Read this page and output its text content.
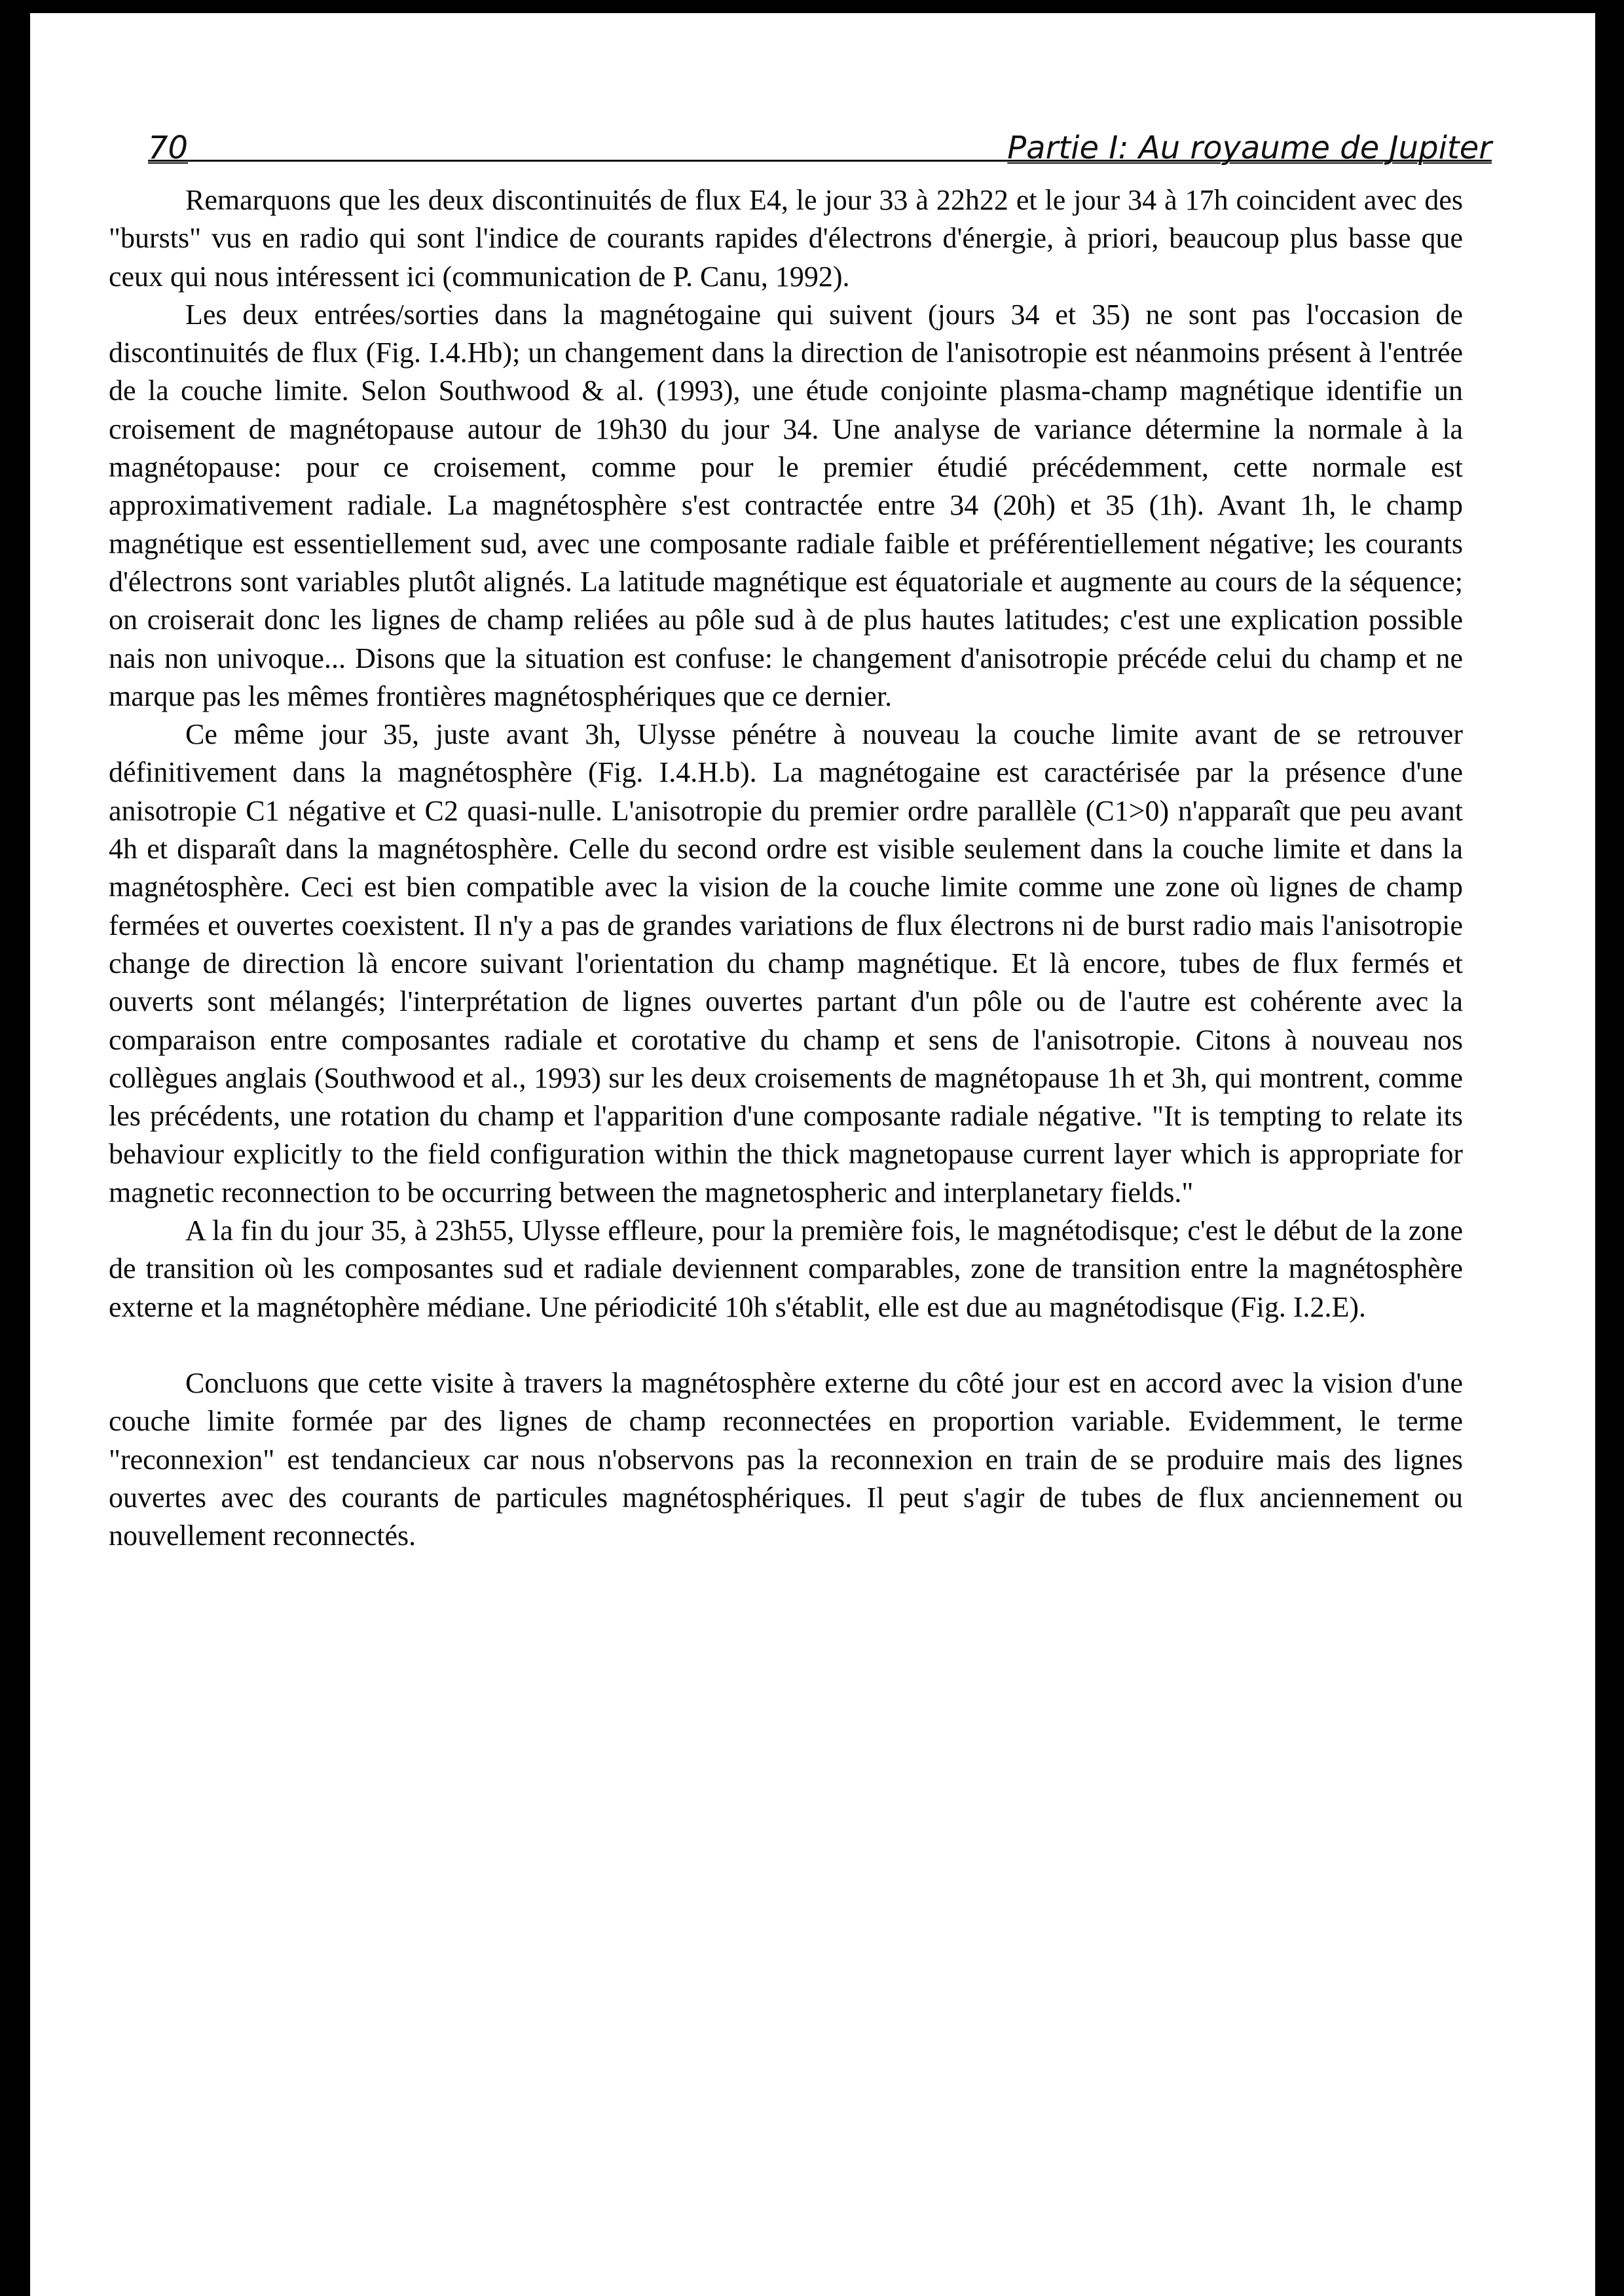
70	Partie I: Au royaume de Jupiter

Remarquons que les deux discontinuités de flux E4, le jour 33 à 22h22 et le jour 34 à 17h coincident avec des "bursts" vus en radio qui sont l'indice de courants rapides d'électrons d'énergie, à priori, beaucoup plus basse que ceux qui nous intéressent ici (communication de P. Canu, 1992).

Les deux entrées/sorties dans la magnétogaine qui suivent (jours 34 et 35) ne sont pas l'occasion de discontinuités de flux (Fig. I.4.Hb); un changement dans la direction de l'anisotropie est néanmoins présent à l'entrée de la couche limite. Selon Southwood & al. (1993), une étude conjointe plasma-champ magnétique identifie un croisement de magnétopause autour de 19h30 du jour 34. Une analyse de variance détermine la normale à la magnétopause: pour ce croisement, comme pour le premier étudié précédemment, cette normale est approximativement radiale. La magnétosphère s'est contractée entre 34 (20h) et 35 (1h). Avant 1h, le champ magnétique est essentiellement sud, avec une composante radiale faible et préférentiellement négative; les courants d'électrons sont variables plutôt alignés. La latitude magnétique est équatoriale et augmente au cours de la séquence; on croiserait donc les lignes de champ reliées au pôle sud à de plus hautes latitudes; c'est une explication possible nais non univoque... Disons que la situation est confuse: le changement d'anisotropie précéde celui du champ et ne marque pas les mêmes frontières magnétosphériques que ce dernier.

Ce même jour 35, juste avant 3h, Ulysse pénétre à nouveau la couche limite avant de se retrouver définitivement dans la magnétosphère (Fig. I.4.H.b). La magnétogaine est caractérisée par la présence d'une anisotropie C1 négative et C2 quasi-nulle. L'anisotropie du premier ordre parallèle (C1>0) n'apparaît que peu avant 4h et disparaît dans la magnétosphère. Celle du second ordre est visible seulement dans la couche limite et dans la magnétosphère. Ceci est bien compatible avec la vision de la couche limite comme une zone où lignes de champ fermées et ouvertes coexistent. Il n'y a pas de grandes variations de flux électrons ni de burst radio mais l'anisotropie change de direction là encore suivant l'orientation du champ magnétique. Et là encore, tubes de flux fermés et ouverts sont mélangés; l'interprétation de lignes ouvertes partant d'un pôle ou de l'autre est cohérente avec la comparaison entre composantes radiale et corotative du champ et sens de l'anisotropie. Citons à nouveau nos collègues anglais (Southwood et al., 1993) sur les deux croisements de magnétopause 1h et 3h, qui montrent, comme les précédents, une rotation du champ et l'apparition d'une composante radiale négative. "It is tempting to relate its behaviour explicitly to the field configuration within the thick magnetopause current layer which is appropriate for magnetic reconnection to be occurring between the magnetospheric and interplanetary fields."

A la fin du jour 35, à 23h55, Ulysse effleure, pour la première fois, le magnétodisque; c'est le début de la zone de transition où les composantes sud et radiale deviennent comparables, zone de transition entre la magnétosphère externe et la magnétophère médiane. Une périodicité 10h s'établit, elle est due au magnétodisque (Fig. I.2.E).

Concluons que cette visite à travers la magnétosphère externe du côté jour est en accord avec la vision d'une couche limite formée par des lignes de champ reconnectées en proportion variable. Evidemment, le terme "reconnexion" est tendancieux car nous n'observons pas la reconnexion en train de se produire mais des lignes ouvertes avec des courants de particules magnétosphériques. Il peut s'agir de tubes de flux anciennement ou nouvellement reconnectés.
